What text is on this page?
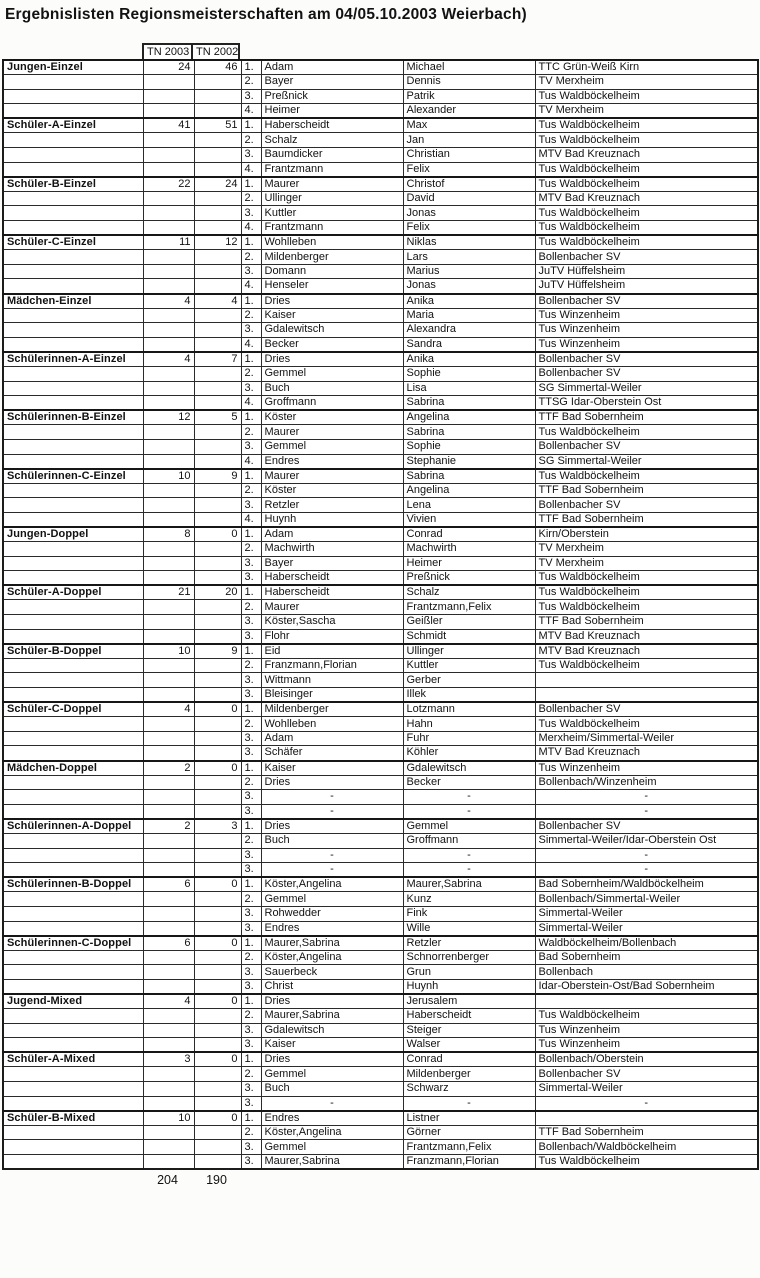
Ergebnislisten Regionsmeisterschaften am 04/05.10.2003 Weierbach)
TN 2003 TN 2002
Jungen-Einzel	24	46	1.	Adam	Michael	TTC Grün-Weiß Kirn
			2.	Bayer	Dennis	TV Merxheim
			3.	Preßnick	Patrik	Tus Waldböckelheim
			4.	Heimer	Alexander	TV Merxheim
Schüler-A-Einzel	41	51	1.	Haberscheidt	Max	Tus Waldböckelheim
			2.	Schalz	Jan	Tus Waldböckelheim
			3.	Baumdicker	Christian	MTV Bad Kreuznach
			4.	Frantzmann	Felix	Tus Waldböckelheim
Schüler-B-Einzel	22	24	1.	Maurer	Christof	Tus Waldböckelheim
			2.	Ullinger	David	MTV Bad Kreuznach
			3.	Kuttler	Jonas	Tus Waldböckelheim
			4.	Frantzmann	Felix	Tus Waldböckelheim
Schüler-C-Einzel	11	12	1.	Wohlleben	Niklas	Tus Waldböckelheim
			2.	Mildenberger	Lars	Bollenbacher SV
			3.	Domann	Marius	JuTV Hüffelsheim
			4.	Henseler	Jonas	JuTV Hüffelsheim
Mädchen-Einzel	4	4	1.	Dries	Anika	Bollenbacher SV
			2.	Kaiser	Maria	Tus Winzenheim
			3.	Gdalewitsch	Alexandra	Tus Winzenheim
			4.	Becker	Sandra	Tus Winzenheim
Schülerinnen-A-Einzel	4	7	1.	Dries	Anika	Bollenbacher SV
			2.	Gemmel	Sophie	Bollenbacher SV
			3.	Buch	Lisa	SG Simmertal-Weiler
			4.	Groffmann	Sabrina	TTSG Idar-Oberstein Ost
Schülerinnen-B-Einzel	12	5	1.	Köster	Angelina	TTF Bad Sobernheim
			2.	Maurer	Sabrina	Tus Waldböckelheim
			3.	Gemmel	Sophie	Bollenbacher SV
			4.	Endres	Stephanie	SG Simmertal-Weiler
Schülerinnen-C-Einzel	10	9	1.	Maurer	Sabrina	Tus Waldböckelheim
			2.	Köster	Angelina	TTF Bad Sobernheim
			3.	Retzler	Lena	Bollenbacher SV
			4.	Huynh	Vivien	TTF Bad Sobernheim
Jungen-Doppel	8	0	1.	Adam	Conrad	Kirn/Oberstein
			2.	Machwirth	Machwirth	TV Merxheim
			3.	Bayer	Heimer	TV Merxheim
			3.	Haberscheidt	Preßnick	Tus Waldböckelheim
Schüler-A-Doppel	21	20	1.	Haberscheidt	Schalz	Tus Waldböckelheim
			2.	Maurer	Frantzmann,Felix	Tus Waldböckelheim
			3.	Köster,Sascha	Geißler	TTF Bad Sobernheim
			3.	Flohr	Schmidt	MTV Bad Kreuznach
Schüler-B-Doppel	10	9	1.	Eid	Ullinger	MTV Bad Kreuznach
			2.	Franzmann,Florian	Kuttler	Tus Waldböckelheim
			3.	Wittmann	Gerber	
			3.	Bleisinger	Illek	
Schüler-C-Doppel	4	0	1.	Mildenberger	Lotzmann	Bollenbacher SV
			2.	Wohlleben	Hahn	Tus Waldböckelheim
			3.	Adam	Fuhr	Merxheim/Simmertal-Weiler
			3.	Schäfer	Köhler	MTV Bad Kreuznach
Mädchen-Doppel	2	0	1.	Kaiser	Gdalewitsch	Tus Winzenheim
			2.	Dries	Becker	Bollenbach/Winzenheim
			3.	-	-	-
			3.	-	-	-
Schülerinnen-A-Doppel	2	3	1.	Dries	Gemmel	Bollenbacher SV
			2.	Buch	Groffmann	Simmertal-Weiler/Idar-Oberstein Ost
			3.	-	-	-
			3.	-	-	-
Schülerinnen-B-Doppel	6	0	1.	Köster,Angelina	Maurer,Sabrina	Bad Sobernheim/Waldböckelheim
			2.	Gemmel	Kunz	Bollenbach/Simmertal-Weiler
			3.	Rohwedder	Fink	Simmertal-Weiler
			3.	Endres	Wille	Simmertal-Weiler
Schülerinnen-C-Doppel	6	0	1.	Maurer,Sabrina	Retzler	Waldböckelheim/Bollenbach
			2.	Köster,Angelina	Schnorrenberger	Bad Sobernheim
			3.	Sauerbeck	Grun	Bollenbach
			3.	Christ	Huynh	Idar-Oberstein-Ost/Bad Sobernheim
Jugend-Mixed	4	0	1.	Dries	Jerusalem	
			2.	Maurer,Sabrina	Haberscheidt	Tus Waldböckelheim
			3.	Gdalewitsch	Steiger	Tus Winzenheim
			3.	Kaiser	Walser	Tus Winzenheim
Schüler-A-Mixed	3	0	1.	Dries	Conrad	Bollenbach/Oberstein
			2.	Gemmel	Mildenberger	Bollenbacher SV
			3.	Buch	Schwarz	Simmertal-Weiler
			3.	-	-	-
Schüler-B-Mixed	10	0	1.	Endres	Listner	
			2.	Köster,Angelina	Görner	TTF Bad Sobernheim
			3.	Gemmel	Frantzmann,Felix	Bollenbach/Waldböckelheim
			3.	Maurer,Sabrina	Franzmann,Florian	Tus Waldböckelheim
204	190
